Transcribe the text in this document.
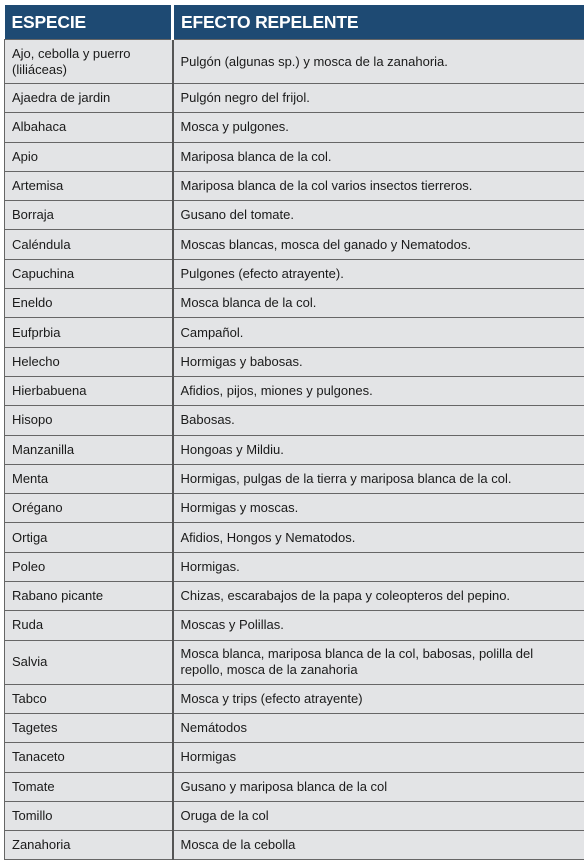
ESPECIE	EFECTO REPELENTE
Ajo, cebolla y puerro (liliáceas)	Pulgón (algunas sp.) y mosca de la zanahoria.
Ajaedra de jardin	Pulgón negro del frijol.
Albahaca	Mosca y pulgones.
Apio	Mariposa blanca de la col.
Artemisa	Mariposa blanca de la col varios insectos tierreros.
Borraja	Gusano del tomate.
Caléndula	Moscas blancas, mosca del ganado y Nematodos.
Capuchina	Pulgones (efecto atrayente).
Eneldo	Mosca blanca de la col.
Eufprbia	Campañol.
Helecho	Hormigas y babosas.
Hierbabuena	Afidios, pijos, miones y pulgones.
Hisopo	Babosas.
Manzanilla	Hongoas y Mildiu.
Menta	Hormigas, pulgas de la tierra y mariposa blanca de la col.
Orégano	Hormigas y moscas.
Ortiga	Afidios, Hongos y Nematodos.
Poleo	Hormigas.
Rabano picante	Chizas, escarabajos de la papa y coleopteros del pepino.
Ruda	Moscas y Polillas.
Salvia	Mosca blanca, mariposa blanca de la col, babosas, polilla del repollo, mosca de la zanahoria
Tabco	Mosca y trips (efecto atrayente)
Tagetes	Nemátodos
Tanaceto	Hormigas
Tomate	Gusano y mariposa blanca de la col
Tomillo	Oruga de la col
Zanahoria	Mosca de la cebolla
